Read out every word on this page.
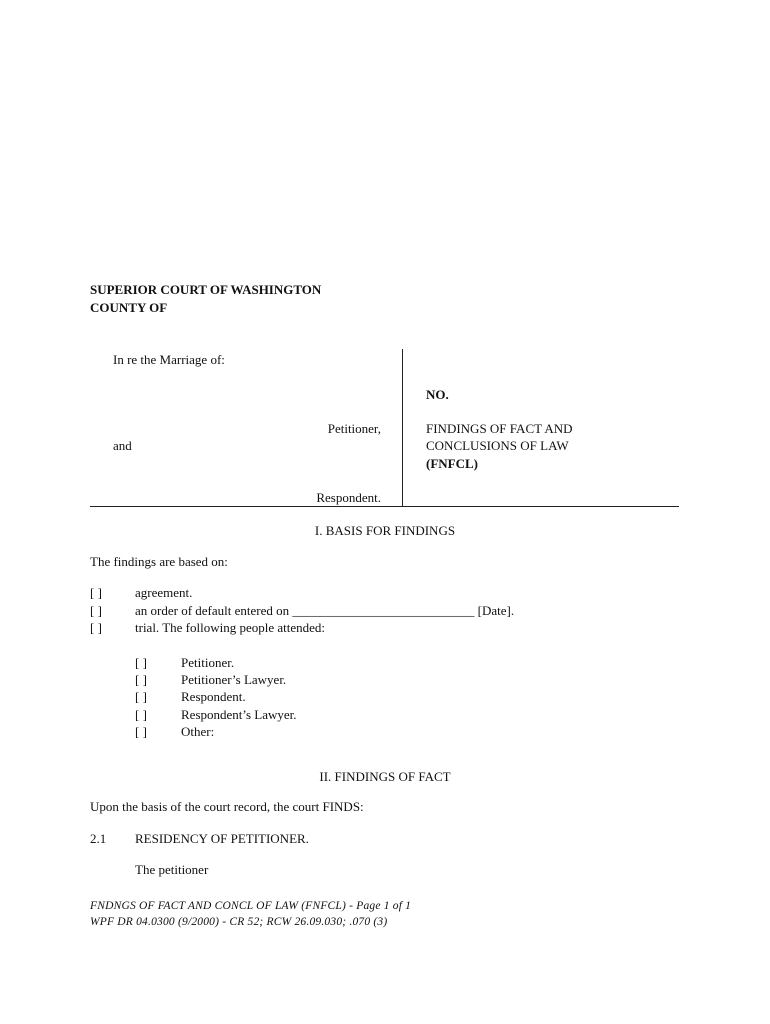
SUPERIOR COURT OF WASHINGTON
COUNTY OF
In re the Marriage of:
Petitioner,
and
Respondent.
NO.
FINDINGS OF FACT AND
CONCLUSIONS OF LAW
(FNFCL)
I. BASIS FOR FINDINGS
The findings are based on:
[ ]	agreement.
[ ]	an order of default entered on ____________________________ [Date].
[ ]	trial. The following people attended:
[ ]	Petitioner.
[ ]	Petitioner’s Lawyer.
[ ]	Respondent.
[ ]	Respondent’s Lawyer.
[ ]	Other:
II. FINDINGS OF FACT
Upon the basis of the court record, the court FINDS:
2.1 RESIDENCY OF PETITIONER.
The petitioner
FNDNGS OF FACT AND CONCL OF LAW (FNFCL) - Page 1 of 1
WPF DR 04.0300 (9/2000) - CR 52; RCW 26.09.030; .070 (3)
